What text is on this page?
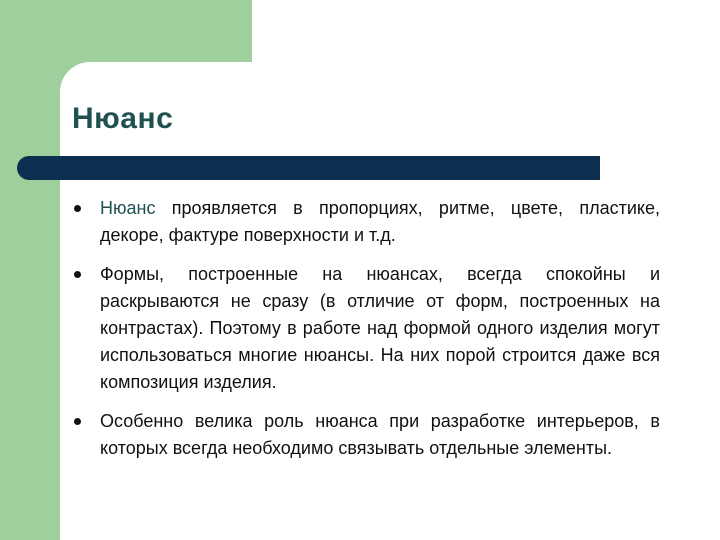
Нюанс
Нюанс проявляется в пропорциях, ритме, цвете, пластике, декоре, фактуре поверхности и т.д.
Формы, построенные на нюансах, всегда спокойны и раскрываются не сразу (в отличие от форм, построенных на контрастах). Поэтому в работе над формой одного изделия могут использоваться многие нюансы. На них порой строится даже вся композиция изделия.
Особенно велика роль нюанса при разработке интерьеров, в которых всегда необходимо связывать отдельные элементы.
